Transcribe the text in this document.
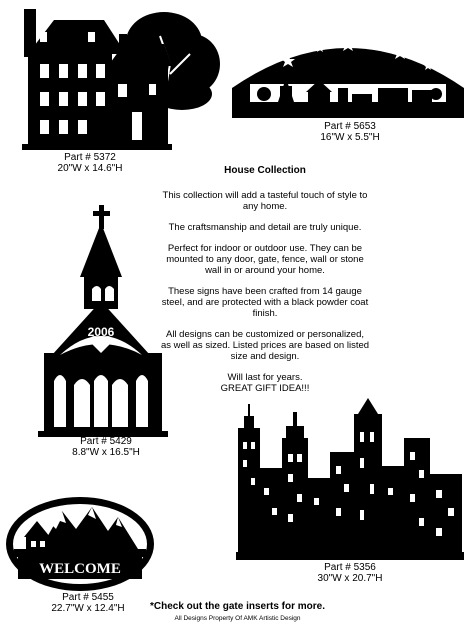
Part # 5372
20"W x 14.6"H
Part # 5653
16"W x 5.5"H
House Collection

This collection will add a tasteful touch of style to any home.

The craftsmanship and detail are truly unique.

Perfect for indoor or outdoor use. They can be mounted to any door, gate, fence, wall or stone wall in or around your home.

These signs have been crafted from 14 gauge steel, and are protected with a black powder coat finish.

All designs can be customized or personalized, as well as sized. Listed prices are based on listed size and design.

Will last for years.
GREAT GIFT IDEA!!!
2006
Part # 5429
8.8"W x 16.5"H
Part # 5356
30"W x 20.7"H
WELCOME
Part # 5455
22.7"W x 12.4"H	*Check out the gate inserts for more.
All Designs Property Of AMK Artistic Design
